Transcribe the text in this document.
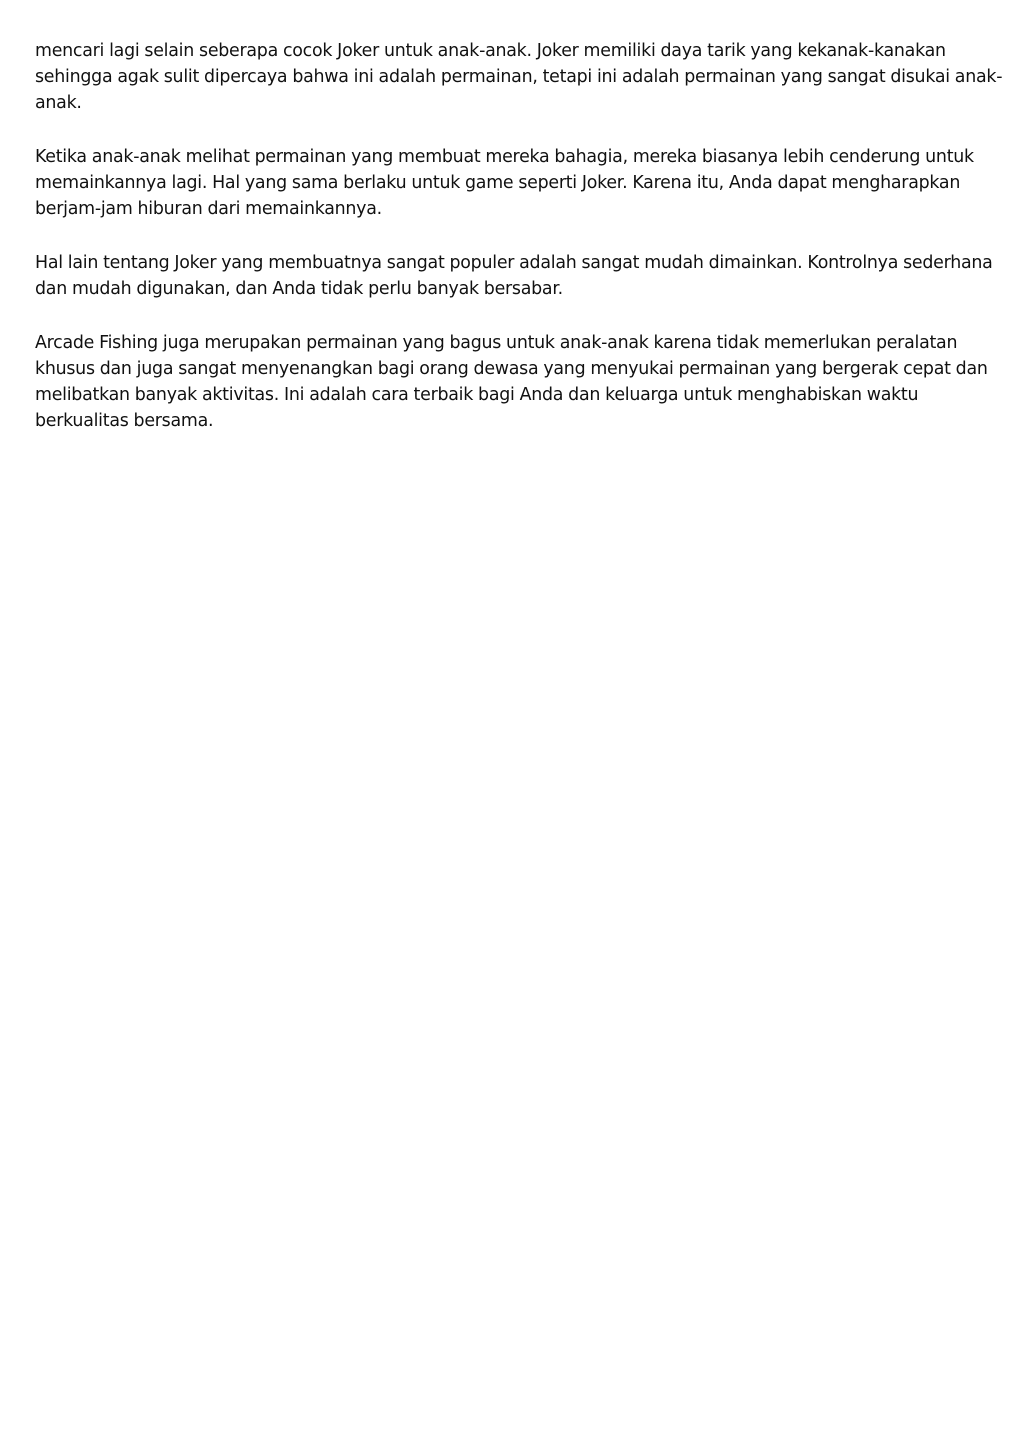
mencari lagi selain seberapa cocok Joker untuk anak-anak. Joker memiliki daya tarik yang kekanak-kanakan
sehingga agak sulit dipercaya bahwa ini adalah permainan, tetapi ini adalah permainan yang sangat disukai anak-
anak.

Ketika anak-anak melihat permainan yang membuat mereka bahagia, mereka biasanya lebih cenderung untuk
memainkannya lagi. Hal yang sama berlaku untuk game seperti Joker. Karena itu, Anda dapat mengharapkan
berjam-jam hiburan dari memainkannya.

Hal lain tentang Joker yang membuatnya sangat populer adalah sangat mudah dimainkan. Kontrolnya sederhana
dan mudah digunakan, dan Anda tidak perlu banyak bersabar.

Arcade Fishing juga merupakan permainan yang bagus untuk anak-anak karena tidak memerlukan peralatan
khusus dan juga sangat menyenangkan bagi orang dewasa yang menyukai permainan yang bergerak cepat dan
melibatkan banyak aktivitas. Ini adalah cara terbaik bagi Anda dan keluarga untuk menghabiskan waktu
berkualitas bersama.
